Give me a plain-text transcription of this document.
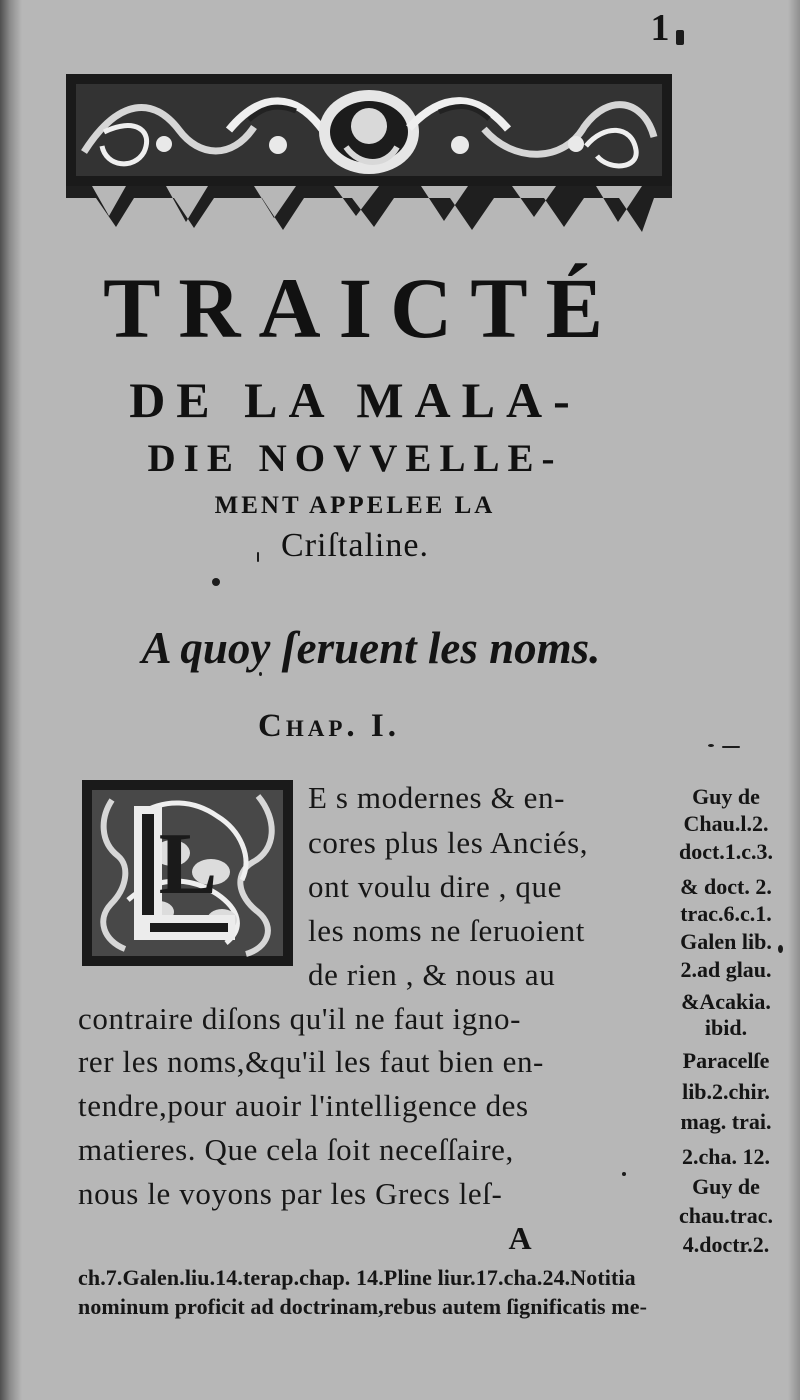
1
TRAICTÉ
DE LA MALA-
DIE NOVVELLE-
MENT APPELEE LA
Criſtaline.
A quoy ſeruent les noms.
Chap. I.
L
E s modernes & en-
cores plus les Anciés,
ont voulu dire , que
les noms ne ſeruoient
de rien , & nous au
contraire diſons qu'il ne faut igno-
rer les noms,&qu'il les faut bien en-
tendre,pour auoir l'intelligence des
matieres. Que cela ſoit neceſſaire,
nous le voyons par les Grecs leſ-
A
Guy de
Chau.l.2.
doct.1.c.3.
& doct. 2.
trac.6.c.1.
Galen lib.
2.ad glau.
&Acakia.
ibid.
Paracelſe
lib.2.chir.
mag. trai.
2.cha. 12.
Guy de
chau.trac.
4.doctr.2.
ch.7.Galen.liu.14.terap.chap. 14.Pline liur.17.cha.24.Notitia
nominum proficit ad doctrinam,rebus autem ſignificatis me-
